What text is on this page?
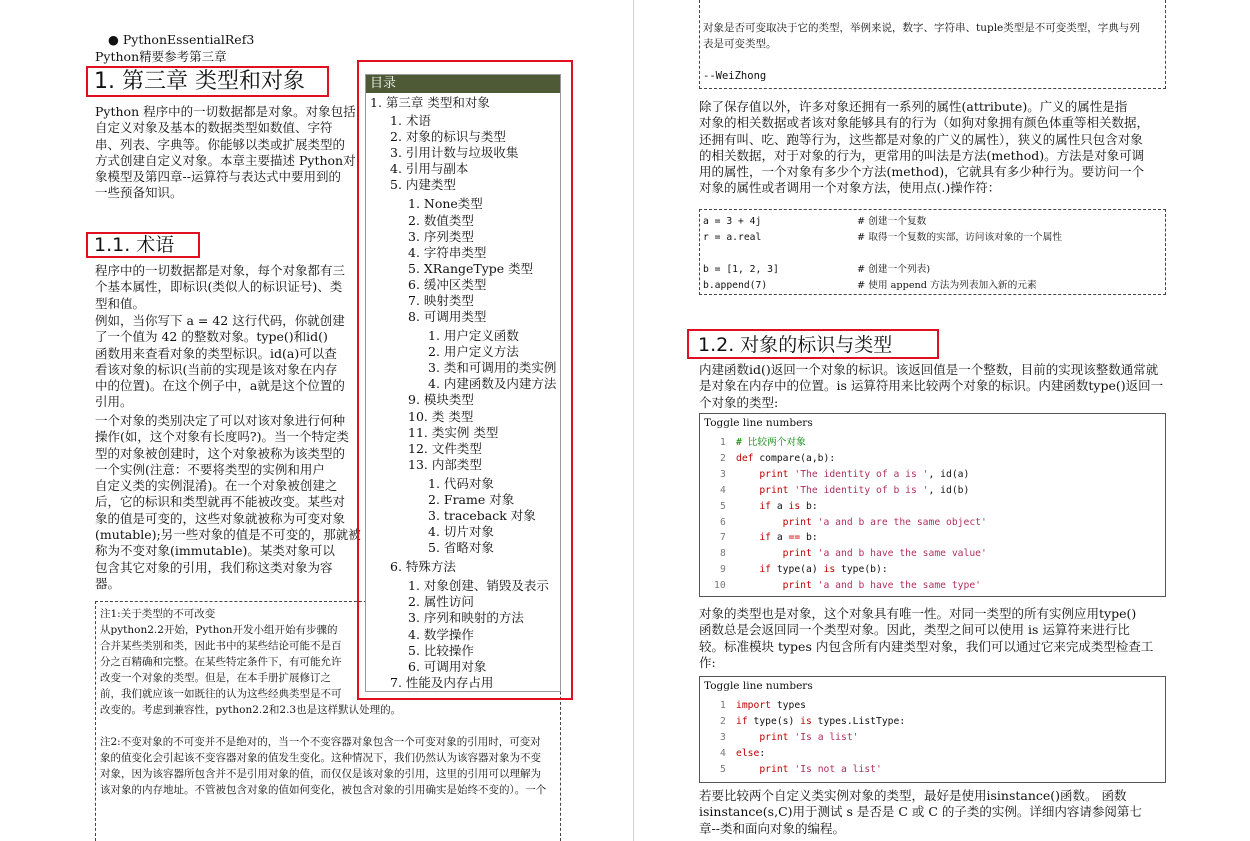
● PythonEssentialRef3
Python精要参考第三章
1. 第三章 类型和对象
Python 程序中的一切数据都是对象。对象包括
自定义对象及基本的数据类型如数值、字符
串、列表、字典等。你能够以类或扩展类型的
方式创建自定义对象。本章主要描述 Python对
象模型及第四章--运算符与表达式中要用到的
一些预备知识。
1.1. 术语
程序中的一切数据都是对象，每个对象都有三
个基本属性，即标识(类似人的标识证号)、类
型和值。
例如，当你写下 a = 42 这行代码，你就创建
了一个值为 42 的整数对象。type()和id()
函数用来查看对象的类型标识。id(a)可以查
看该对象的标识(当前的实现是该对象在内存
中的位置)。在这个例子中，a就是这个位置的
引用。
一个对象的类别决定了可以对该对象进行何种
操作(如，这个对象有长度吗?)。当一个特定类
型的对象被创建时，这个对象被称为该类型的
一个实例(注意：不要将类型的实例和用户
自定义类的实例混淆)。在一个对象被创建之
后，它的标识和类型就再不能被改变。某些对
象的值是可变的，这些对象就被称为可变对象
(mutable);另一些对象的值是不可变的，那就被
称为不变对象(immutable)。某类对象可以
包含其它对象的引用，我们称这类对象为容
器。
注1:关于类型的不可改变
从python2.2开始，Python开发小组开始有步骤的
合并某些类别和类，因此书中的某些结论可能不是百
分之百精确和完整。在某些特定条件下，有可能允许
改变一个对象的类型。但是，在本手册扩展修订之
前，我们就应该一如既往的认为这些经典类型是不可
改变的。考虑到兼容性，python2.2和2.3也是这样默认处理的。
注2:不变对象的不可变并不是绝对的，当一个不变容器对象包含一个可变对象的引用时，可变对
象的值变化会引起该不变容器对象的值发生变化。这种情况下，我们仍然认为该容器对象为不变
对象，因为该容器所包含并不是引用对象的值，而仅仅是该对象的引用，这里的引用可以理解为
该对象的内存地址。不管被包含对象的值如何变化，被包含对象的引用确实是始终不变的）。一个
目录
1. 第三章 类型和对象
1. 术语
2. 对象的标识与类型
3. 引用计数与垃圾收集
4. 引用与副本
5. 内建类型
1. None类型
2. 数值类型
3. 序列类型
4. 字符串类型
5. XRangeType 类型
6. 缓冲区类型
7. 映射类型
8. 可调用类型
1. 用户定义函数
2. 用户定义方法
3. 类和可调用的类实例
4. 内建函数及内建方法
9. 模块类型
10. 类 类型
11. 类实例 类型
12. 文件类型
13. 内部类型
1. 代码对象
2. Frame 对象
3. traceback 对象
4. 切片对象
5. 省略对象
6. 特殊方法
1. 对象创建、销毁及表示
2. 属性访问
3. 序列和映射的方法
4. 数学操作
5. 比较操作
6. 可调用对象
7. 性能及内存占用
对象是否可变取决于它的类型，举例来说，数字、字符串、tuple类型是不可变类型，字典与列
表是可变类型。
--WeiZhong
除了保存值以外，许多对象还拥有一系列的属性(attribute)。广义的属性是指
对象的相关数据或者该对象能够具有的行为（如狗对象拥有颜色体重等相关数据，
还拥有叫、吃、跑等行为，这些都是对象的广义的属性），狭义的属性只包含对象
的相关数据，对于对象的行为，更常用的叫法是方法(method)。方法是对象可调
用的属性，一个对象有多少个方法(method)，它就具有多少种行为。要访问一个
对象的属性或者调用一个对象方法，使用点(.)操作符：
a = 3 + 4j	# 创建一个复数
r = a.real	# 取得一个复数的实部，访问该对象的一个属性
b = [1, 2, 3]	# 创建一个列表)
b.append(7)	# 使用 append 方法为列表加入新的元素
1.2. 对象的标识与类型
内建函数id()返回一个对象的标识。该返回值是一个整数，目前的实现该整数通常就
是对象在内存中的位置。is 运算符用来比较两个对象的标识。内建函数type()返回一
个对象的类型:
Toggle line numbers
1 # 比较两个对象
2 def compare(a,b):
3	print 'The identity of a is ', id(a)
4	print 'The identity of b is ', id(b)
5	if a is b:
6	print 'a and b are the same object'
7	if a == b:
8	print 'a and b have the same value'
9	if type(a) is type(b):
10	print 'a and b have the same type'
对象的类型也是对象，这个对象具有唯一性。对同一类型的所有实例应用type()
函数总是会返回同一个类型对象。因此，类型之间可以使用 is 运算符来进行比
较。标准模块 types 内包含所有内建类型对象，我们可以通过它来完成类型检查工
作:
Toggle line numbers
1 import types
2 if type(s) is types.ListType:
3	print 'Is a list'
4 else:
5	print 'Is not a list'
若要比较两个自定义类实例对象的类型，最好是使用isinstance()函数。 函数
isinstance(s,C)用于测试 s 是否是 C 或 C 的子类的实例。详细内容请参阅第七
章--类和面向对象的编程。
